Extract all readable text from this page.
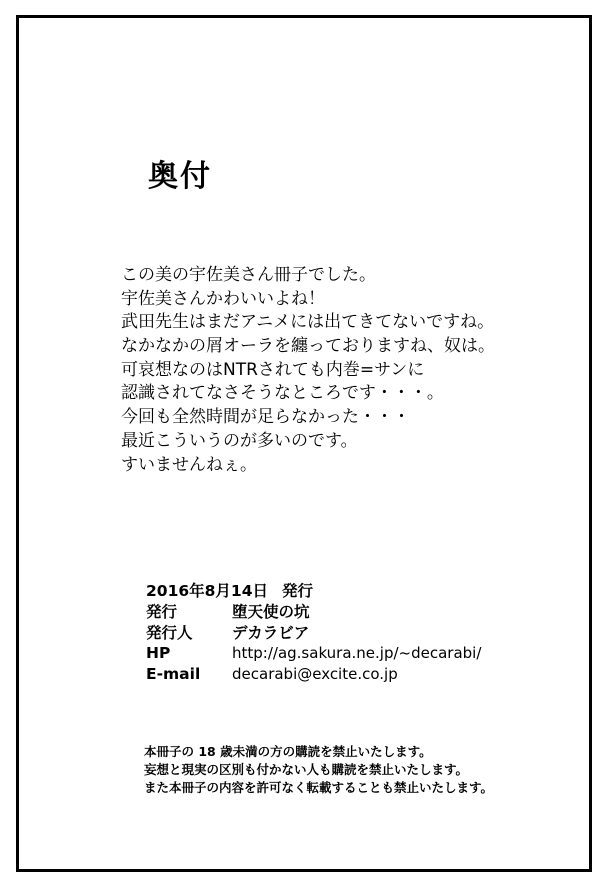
奥付
この美の宇佐美さん冊子でした。
宇佐美さんかわいいよね！
武田先生はまだアニメには出てきてないですね。
なかなかの屑オーラを纏っておりますね、奴は。
可哀想なのはNTRされても内巻=サンに
認識されてなさそうなところです・・・。
今回も全然時間が足らなかった・・・
最近こういうのが多いのです。
すいませんねぇ。
2016年8月14日 発行
発行	堕天使の坑
発行人	デカラビア
HP	http://ag.sakura.ne.jp/~decarabi/
E-mail decarabi@excite.co.jp
本冊子の 18 歳未満の方の購読を禁止いたします。
妄想と現実の区別も付かない人も購読を禁止いたします。
また本冊子の内容を許可なく転載することも禁止いたします。
